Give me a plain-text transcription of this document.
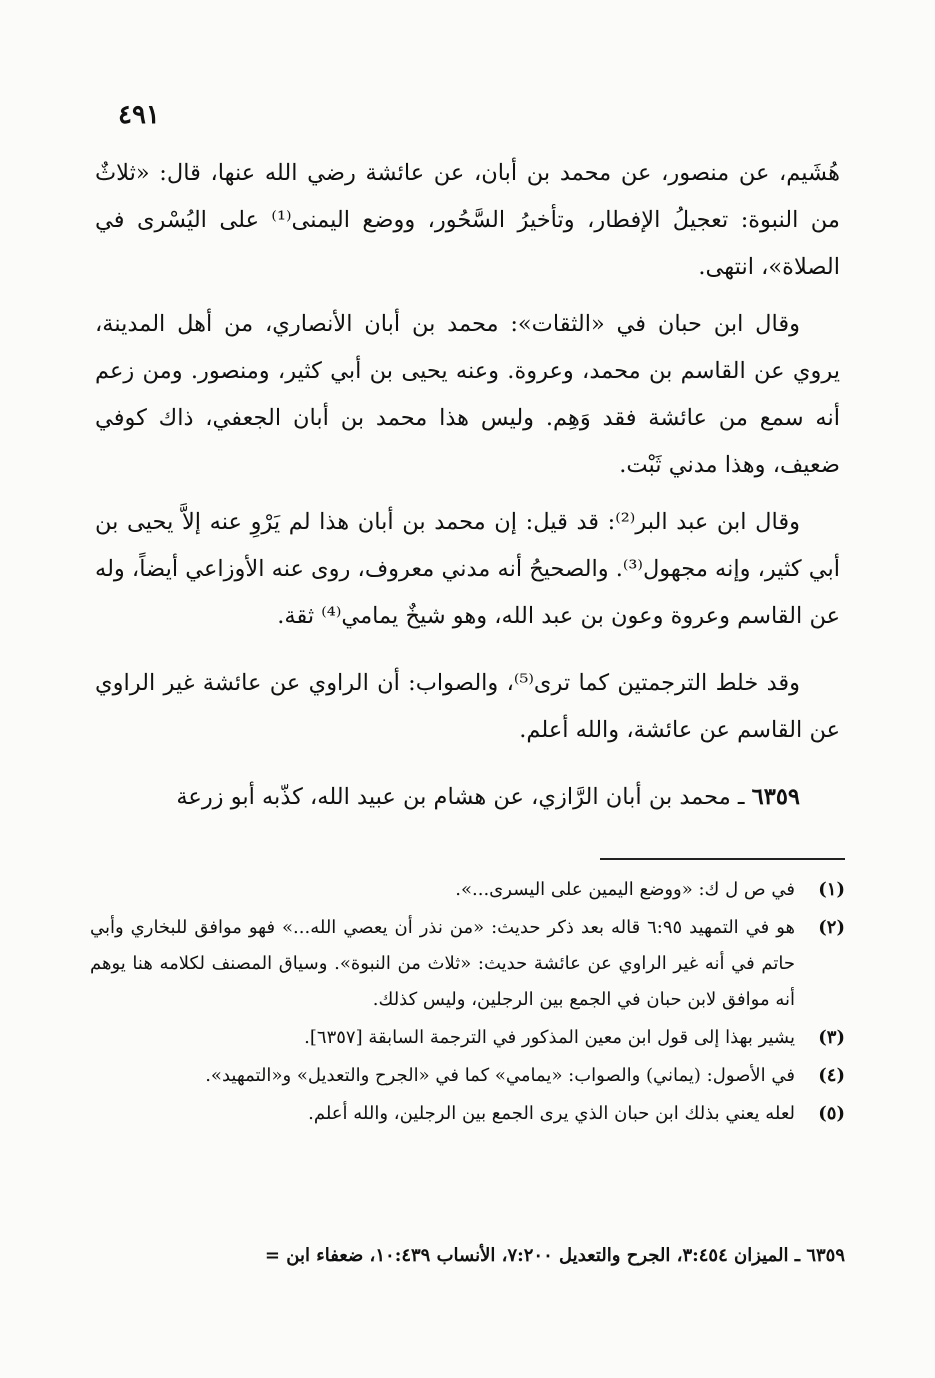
٤٩١

هُشَيم، عن منصور، عن محمد بن أبان، عن عائشة رضي الله عنها، قال: «ثلاثٌ من النبوة: تعجيلُ الإفطار، وتأخيرُ السَّحُور، ووضع اليمنى⁽¹⁾ على اليُسْرى في الصلاة»، انتهى.

وقال ابن حبان في «الثقات»: محمد بن أبان الأنصاري، من أهل المدينة، يروي عن القاسم بن محمد، وعروة. وعنه يحيى بن أبي كثير، ومنصور. ومن زعم أنه سمع من عائشة فقد وَهِم. وليس هذا محمد بن أبان الجعفي، ذاك كوفي ضعيف، وهذا مدني ثَبْت.

وقال ابن عبد البر⁽²⁾: قد قيل: إن محمد بن أبان هذا لم يَرْوِ عنه إلاَّ يحيى بن أبي كثير، وإنه مجهول⁽³⁾. والصحيحُ أنه مدني معروف، روى عنه الأوزاعي أيضاً، وله عن القاسم وعروة وعون بن عبد الله، وهو شيخٌ يمامي⁽⁴⁾ ثقة.

وقد خلط الترجمتين كما ترى⁽⁵⁾، والصواب: أن الراوي عن عائشة غير الراوي عن القاسم عن عائشة، والله أعلم.

٦٣٥٩ ـ محمد بن أبان الرَّازي، عن هشام بن عبيد الله، كذّبه أبو زرعة

(١)
في ص ل ك: «ووضع اليمين على اليسرى...».
(٢)
هو في التمهيد ٦:٩٥ قاله بعد ذكر حديث: «من نذر أن يعصي الله...» فهو موافق للبخاري وأبي حاتم في أنه غير الراوي عن عائشة حديث: «ثلاث من النبوة». وسياق المصنف لكلامه هنا يوهم أنه موافق لابن حبان في الجمع بين الرجلين، وليس كذلك.
(٣)
يشير بهذا إلى قول ابن معين المذكور في الترجمة السابقة [٦٣٥٧].
(٤)
في الأصول: (يماني) والصواب: «يمامي» كما في «الجرح والتعديل» و«التمهيد».
(٥)
لعله يعني بذلك ابن حبان الذي يرى الجمع بين الرجلين، والله أعلم.
٦٣٥٩ ـ الميزان ٣:٤٥٤، الجرح والتعديل ٧:٢٠٠، الأنساب ١٠:٤٣٩، ضعفاء ابن =
